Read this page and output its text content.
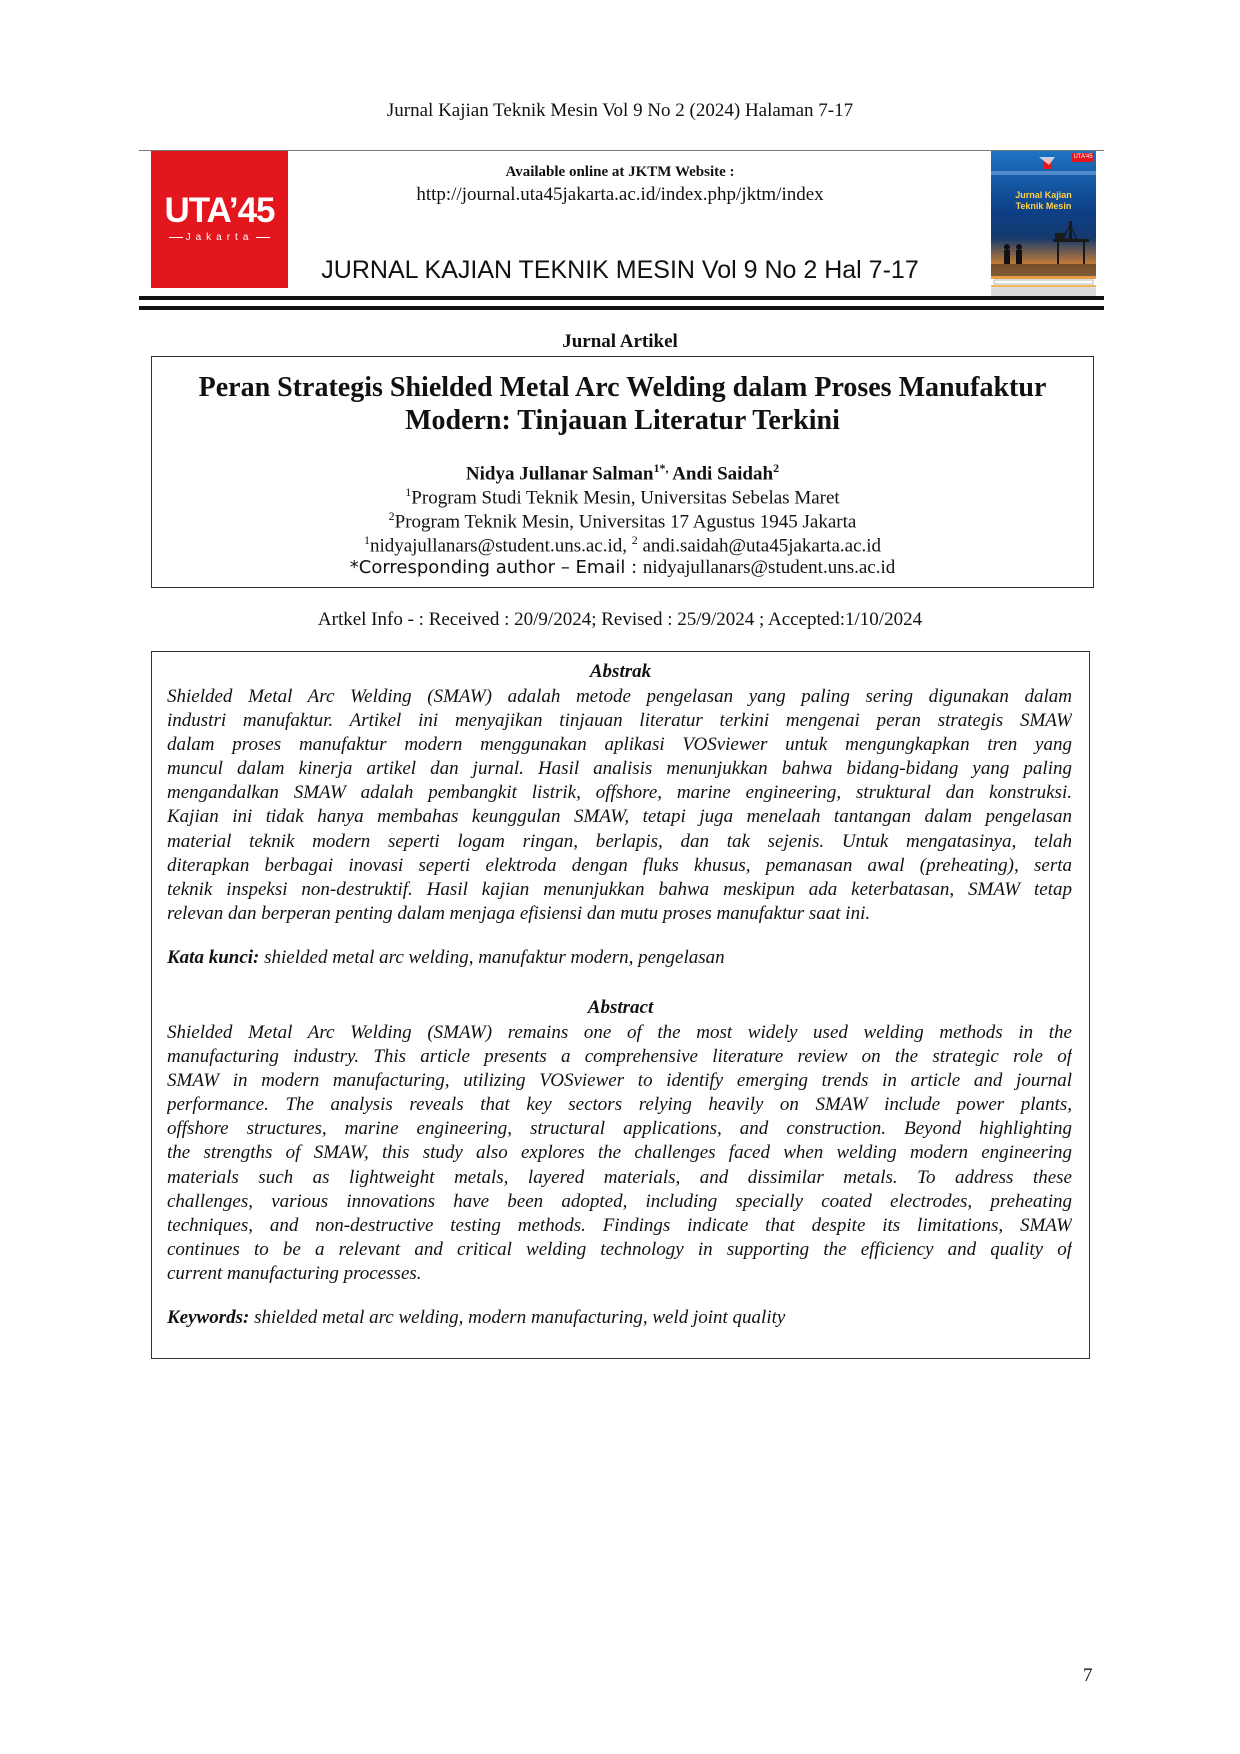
Jurnal Kajian Teknik Mesin Vol 9 No 2 (2024) Halaman 7-17
UTA’45
Jakarta
Available online at JKTM Website :
http://journal.uta45jakarta.ac.id/index.php/jktm/index
JURNAL KAJIAN TEKNIK MESIN Vol 9 No 2 Hal 7-17
UTA’45
Jurnal Kajian
Teknik Mesin
Jurnal Artikel
Peran Strategis Shielded Metal Arc Welding dalam Proses Manufaktur
Modern: Tinjauan Literatur Terkini
Nidya Jullanar Salman$^{1*,}$ Andi Saidah$^2$
$^1$Program Studi Teknik Mesin, Universitas Sebelas Maret
$^2$Program Teknik Mesin, Universitas 17 Agustus 1945 Jakarta
$^1$nidyajullanars@student.uns.ac.id, $^2$ andi.saidah@uta45jakarta.ac.id
*Corresponding author – Email : nidyajullanars@student.uns.ac.id
Artkel Info - : Received : 20/9/2024; Revised : 25/9/2024 ; Accepted:1/10/2024
Abstrak
Shielded Metal Arc Welding (SMAW) adalah metode pengelasan yang paling sering digunakan dalam
industri manufaktur. Artikel ini menyajikan tinjauan literatur terkini mengenai peran strategis SMAW
dalam proses manufaktur modern menggunakan aplikasi VOSviewer untuk mengungkapkan tren yang
muncul dalam kinerja artikel dan jurnal. Hasil analisis menunjukkan bahwa bidang-bidang yang paling
mengandalkan SMAW adalah pembangkit listrik, offshore, marine engineering, struktural dan konstruksi.
Kajian ini tidak hanya membahas keunggulan SMAW, tetapi juga menelaah tantangan dalam pengelasan
material teknik modern seperti logam ringan, berlapis, dan tak sejenis. Untuk mengatasinya, telah
diterapkan berbagai inovasi seperti elektroda dengan fluks khusus, pemanasan awal (preheating), serta
teknik inspeksi non-destruktif. Hasil kajian menunjukkan bahwa meskipun ada keterbatasan, SMAW tetap
relevan dan berperan penting dalam menjaga efisiensi dan mutu proses manufaktur saat ini.
Kata kunci: shielded metal arc welding, manufaktur modern, pengelasan
Abstract
Shielded Metal Arc Welding (SMAW) remains one of the most widely used welding methods in the
manufacturing industry. This article presents a comprehensive literature review on the strategic role of
SMAW in modern manufacturing, utilizing VOSviewer to identify emerging trends in article and journal
performance. The analysis reveals that key sectors relying heavily on SMAW include power plants,
offshore structures, marine engineering, structural applications, and construction. Beyond highlighting
the strengths of SMAW, this study also explores the challenges faced when welding modern engineering
materials such as lightweight metals, layered materials, and dissimilar metals. To address these
challenges, various innovations have been adopted, including specially coated electrodes, preheating
techniques, and non-destructive testing methods. Findings indicate that despite its limitations, SMAW
continues to be a relevant and critical welding technology in supporting the efficiency and quality of
current manufacturing processes.
Keywords: shielded metal arc welding, modern manufacturing, weld joint quality
7
